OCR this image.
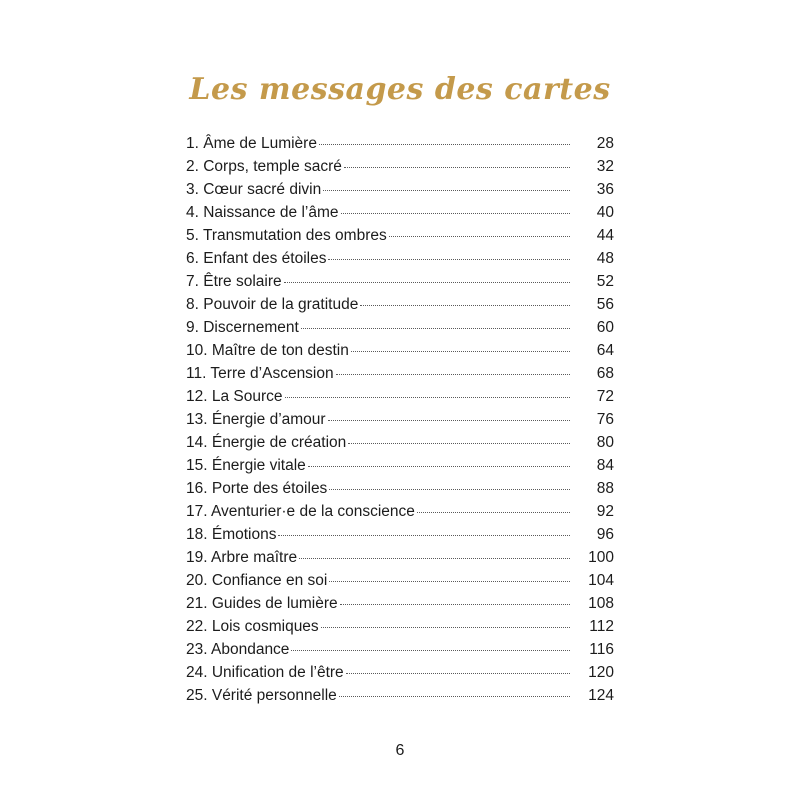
Les messages des cartes
1. Âme de Lumière	28
2. Corps, temple sacré	32
3. Cœur sacré divin	36
4. Naissance de l’âme	40
5. Transmutation des ombres	44
6. Enfant des étoiles	48
7. Être solaire	52
8. Pouvoir de la gratitude	56
9. Discernement	60
10. Maître de ton destin	64
11. Terre d’Ascension	68
12. La Source	72
13. Énergie d’amour	76
14. Énergie de création	80
15. Énergie vitale	84
16. Porte des étoiles	88
17. Aventurier·e de la conscience	92
18. Émotions	96
19. Arbre maître	100
20. Confiance en soi	104
21. Guides de lumière	108
22. Lois cosmiques	112
23. Abondance	116
24. Unification de l’être	120
25. Vérité personnelle	124
6
